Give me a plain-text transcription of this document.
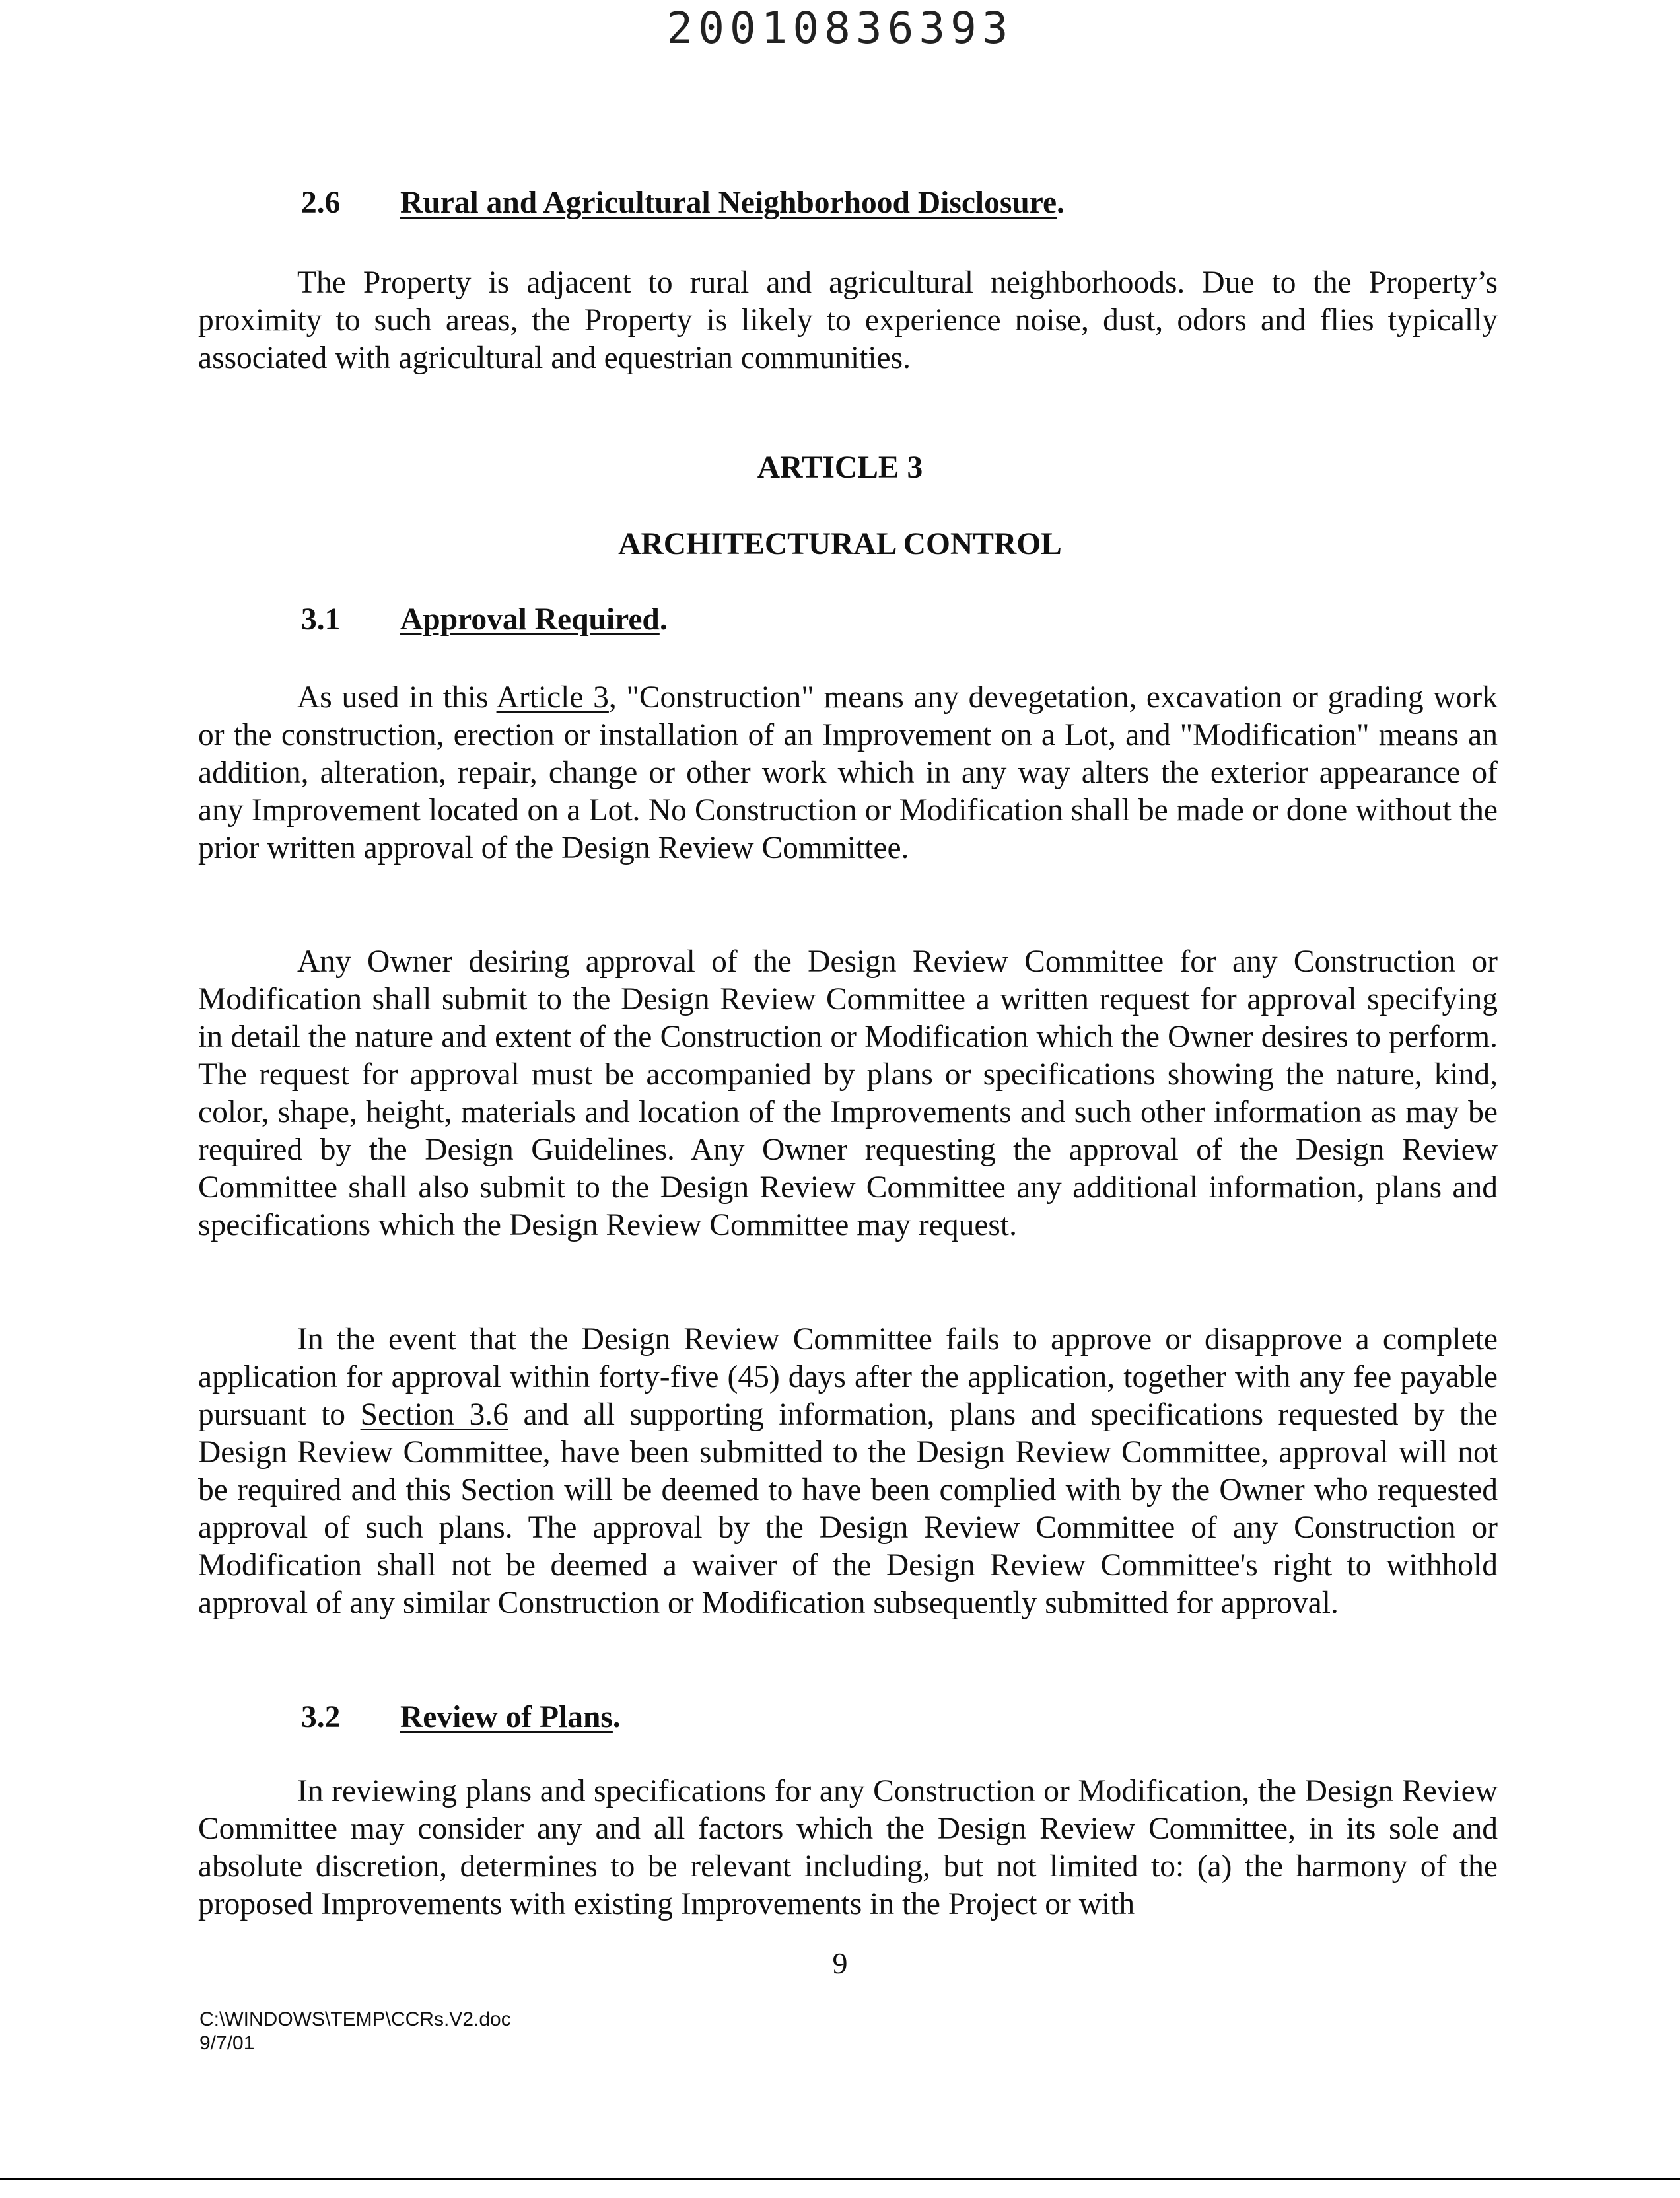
20010836393
2.6 Rural and Agricultural Neighborhood Disclosure.

The Property is adjacent to rural and agricultural neighborhoods. Due to the Property’s proximity to such areas, the Property is likely to experience noise, dust, odors and flies typically associated with agricultural and equestrian communities.

ARTICLE 3
ARCHITECTURAL CONTROL
3.1 Approval Required.

As used in this Article 3, "Construction" means any devegetation, excavation or grading work or the construction, erection or installation of an Improvement on a Lot, and "Modification" means an addition, alteration, repair, change or other work which in any way alters the exterior appearance of any Improvement located on a Lot. No Construction or Modification shall be made or done without the prior written approval of the Design Review Committee.

Any Owner desiring approval of the Design Review Committee for any Construction or Modification shall submit to the Design Review Committee a written request for approval specifying in detail the nature and extent of the Construction or Modification which the Owner desires to perform. The request for approval must be accompanied by plans or specifications showing the nature, kind, color, shape, height, materials and location of the Improvements and such other information as may be required by the Design Guidelines. Any Owner requesting the approval of the Design Review Committee shall also submit to the Design Review Committee any additional information, plans and specifications which the Design Review Committee may request.

In the event that the Design Review Committee fails to approve or disapprove a complete application for approval within forty-five (45) days after the application, together with any fee payable pursuant to Section 3.6 and all supporting information, plans and specifications requested by the Design Review Committee, have been submitted to the Design Review Committee, approval will not be required and this Section will be deemed to have been complied with by the Owner who requested approval of such plans. The approval by the Design Review Committee of any Construction or Modification shall not be deemed a waiver of the Design Review Committee's right to withhold approval of any similar Construction or Modification subsequently submitted for approval.

3.2 Review of Plans.

In reviewing plans and specifications for any Construction or Modification, the Design Review Committee may consider any and all factors which the Design Review Committee, in its sole and absolute discretion, determines to be relevant including, but not limited to: (a) the harmony of the proposed Improvements with existing Improvements in the Project or with

9
C:\WINDOWS\TEMP\CCRs.V2.doc
9/7/01
